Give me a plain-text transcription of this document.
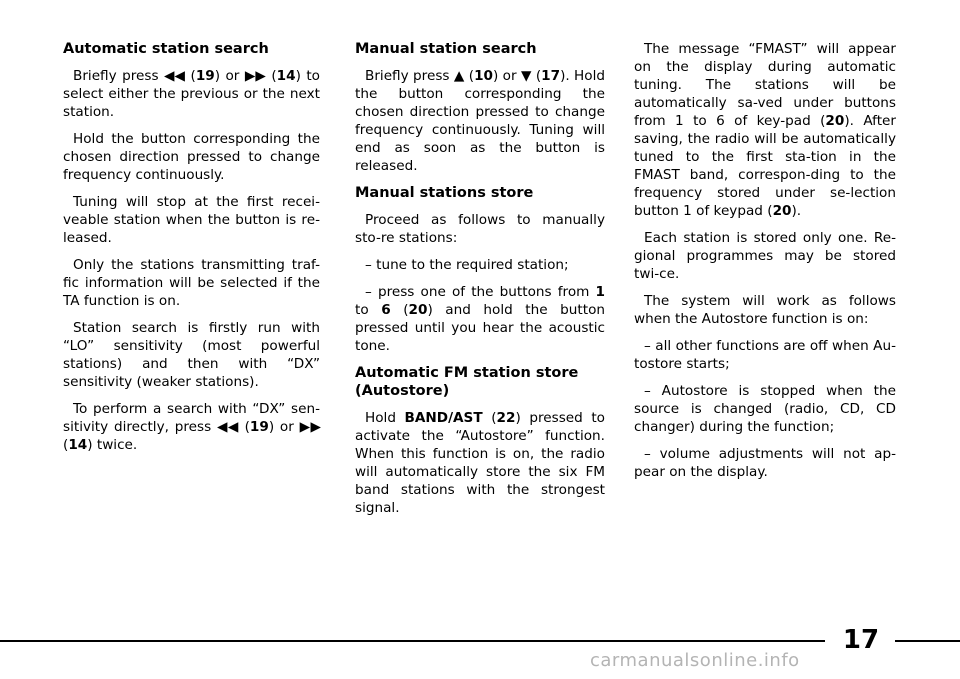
Automatic station search

Briefly press ◀◀ (19) or ▶▶ (14) to select either the previous or the next station.

Hold the button corresponding the chosen direction pressed to change frequency continuously.

Tuning will stop at the first recei-veable station when the button is re-leased.

Only the stations transmitting traf-fic information will be selected if the TA function is on.

Station search is firstly run with “LO” sensitivity (most powerful stations) and then with “DX” sensitivity (weaker stations).

To perform a search with “DX” sen-sitivity directly, press ◀◀ (19) or ▶▶ (14) twice.

Manual station search

Briefly press ▲ (10) or ▼ (17). Hold the button corresponding the chosen direction pressed to change frequency continuously. Tuning will end as soon as the button is released.

Manual stations store

Proceed as follows to manually sto-re stations:

– tune to the required station;

– press one of the buttons from 1 to 6 (20) and hold the button pressed until you hear the acoustic tone.

Automatic FM station store
(Autostore)

Hold BAND/AST (22) pressed to activate the “Autostore” function. When this function is on, the radio will automatically store the six FM band stations with the strongest signal.

The message “FMAST” will appear on the display during automatic tuning. The stations will be automatically sa-ved under buttons from 1 to 6 of key-pad (20). After saving, the radio will be automatically tuned to the first sta-tion in the FMAST band, correspon-ding to the frequency stored under se-lection button 1 of keypad (20).

Each station is stored only one. Re-gional programmes may be stored twi-ce.

The system will work as follows when the Autostore function is on:

– all other functions are off when Au-tostore starts;

– Autostore is stopped when the source is changed (radio, CD, CD changer) during the function;

– volume adjustments will not ap-pear on the display.

17
carmanualsonline.info
